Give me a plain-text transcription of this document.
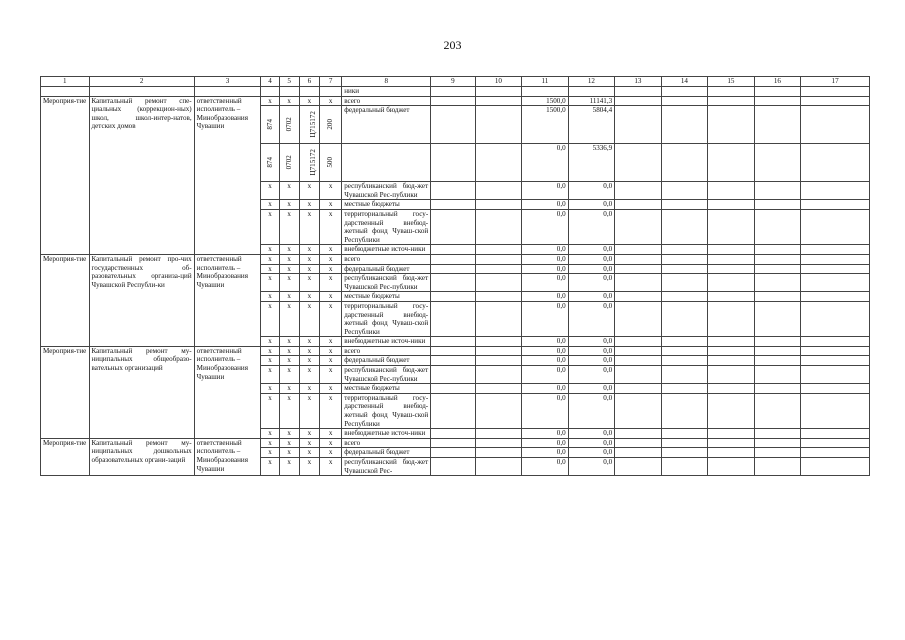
203
1	2	3	4	5	6	7	8	9	10	11	12	13	14	15	16	17
							ники									
Мероприя-тие	Капитальный ремонт спе-циальных (коррекцион-ных) школ, школ-интер-натов, детских домов	ответственный исполнитель – Минобразования Чувашии	x	x	x	x	всего			1500,0	11141,3					
			874	0702	Ц715172	200	федеральный бюджет			1500,0	5804,4					
			874	0702	Ц715172	500				0,0	5336,9					
			x	x	x	x	республиканский бюд-жет Чувашской Рес-публики			0,0	0,0					
			x	x	x	x	местные бюджеты			0,0	0,0					
			x	x	x	x	территориальный госу-дарственный внебюд-жетный фонд Чуваш-ской Республики			0,0	0,0					
			x	x	x	x	внебюджетные источ-ники			0,0	0,0					
Мероприя-тие	Капитальный ремонт про-чих государственных об-разовательных организа-ций Чувашской Республи-ки	ответственный исполнитель – Минобразования Чувашии	x	x	x	x	всего			0,0	0,0					
			x	x	x	x	федеральный бюджет			0,0	0,0					
			x	x	x	x	республиканский бюд-жет Чувашской Рес-публики			0,0	0,0					
			x	x	x	x	местные бюджеты			0,0	0,0					
			x	x	x	x	территориальный госу-дарственный внебюд-жетный фонд Чуваш-ской Республики			0,0	0,0					
			x	x	x	x	внебюджетные источ-ники			0,0	0,0					
Мероприя-тие	Капитальный ремонт му-ниципальных общеобразо-вательных организаций	ответственный исполнитель – Минобразования Чувашии	x	x	x	x	всего			0,0	0,0					
			x	x	x	x	федеральный бюджет			0,0	0,0					
			x	x	x	x	республиканский бюд-жет Чувашской Рес-публики			0,0	0,0					
			x	x	x	x	местные бюджеты			0,0	0,0					
			x	x	x	x	территориальный госу-дарственный внебюд-жетный фонд Чуваш-ской Республики			0,0	0,0					
			x	x	x	x	внебюджетные источ-ники			0,0	0,0					
Мероприя-тие	Капитальный ремонт му-ниципальных дошкольных образовательных органи-заций	ответственный исполнитель – Минобразования Чувашии	x	x	x	x	всего			0,0	0,0					
			x	x	x	x	федеральный бюджет			0,0	0,0					
			x	x	x	x	республиканский бюд-жет Чувашской Рес-			0,0	0,0					
